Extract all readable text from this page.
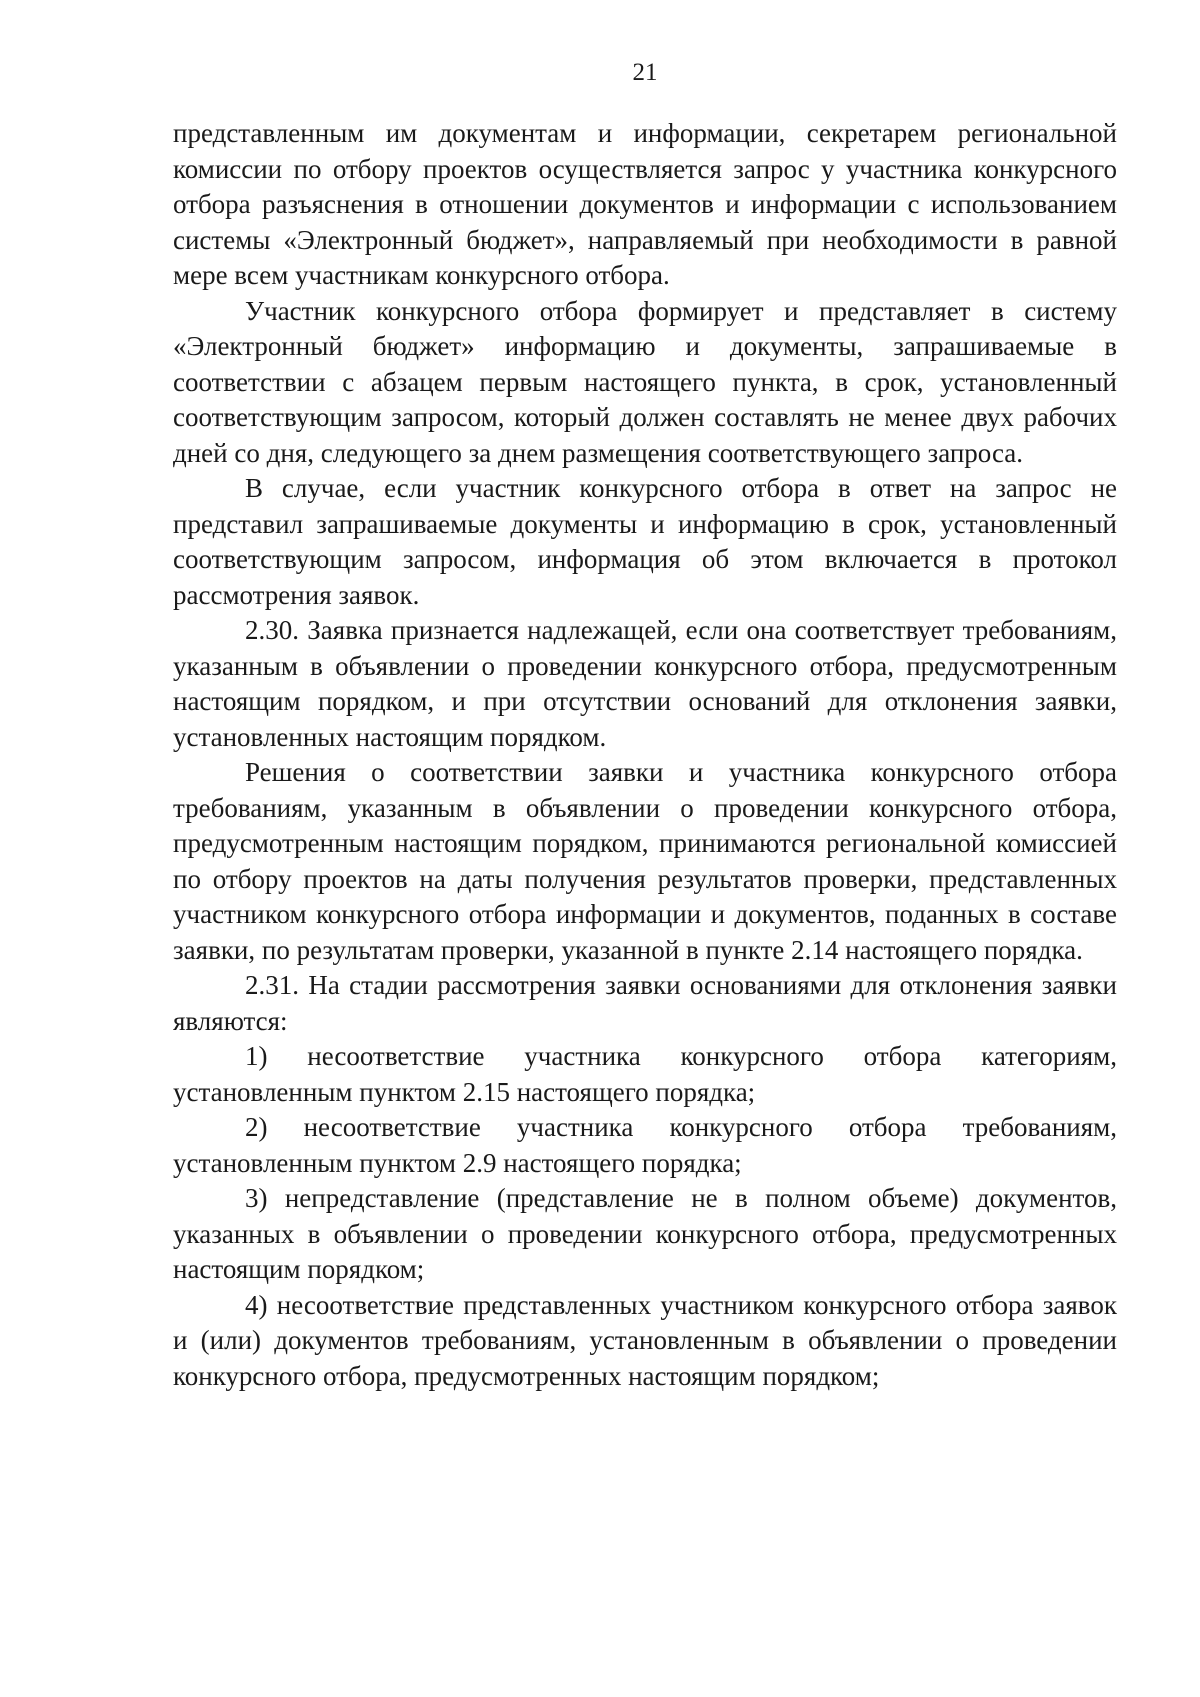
21

представленным им документам и информации, секретарем региональной комиссии по отбору проектов осуществляется запрос у участника конкурсного отбора разъяснения в отношении документов и информации с использованием системы «Электронный бюджет», направляемый при необходимости в равной мере всем участникам конкурсного отбора.

Участник конкурсного отбора формирует и представляет в систему «Электронный бюджет» информацию и документы, запрашиваемые в соответствии с абзацем первым настоящего пункта, в срок, установленный соответствующим запросом, который должен составлять не менее двух рабочих дней со дня, следующего за днем размещения соответствующего запроса.

В случае, если участник конкурсного отбора в ответ на запрос не представил запрашиваемые документы и информацию в срок, установленный соответствующим запросом, информация об этом включается в протокол рассмотрения заявок.

2.30. Заявка признается надлежащей, если она соответствует требованиям, указанным в объявлении о проведении конкурсного отбора, предусмотренным настоящим порядком, и при отсутствии оснований для отклонения заявки, установленных настоящим порядком.

Решения о соответствии заявки и участника конкурсного отбора требованиям, указанным в объявлении о проведении конкурсного отбора, предусмотренным настоящим порядком, принимаются региональной комиссией по отбору проектов на даты получения результатов проверки, представленных участником конкурсного отбора информации и документов, поданных в составе заявки, по результатам проверки, указанной в пункте 2.14 настоящего порядка.

2.31. На стадии рассмотрения заявки основаниями для отклонения заявки являются:

1) несоответствие участника конкурсного отбора категориям, установленным пунктом 2.15 настоящего порядка;

2) несоответствие участника конкурсного отбора требованиям, установленным пунктом 2.9 настоящего порядка;

3) непредставление (представление не в полном объеме) документов, указанных в объявлении о проведении конкурсного отбора, предусмотренных настоящим порядком;

4) несоответствие представленных участником конкурсного отбора заявок и (или) документов требованиям, установленным в объявлении о проведении конкурсного отбора, предусмотренных настоящим порядком;
